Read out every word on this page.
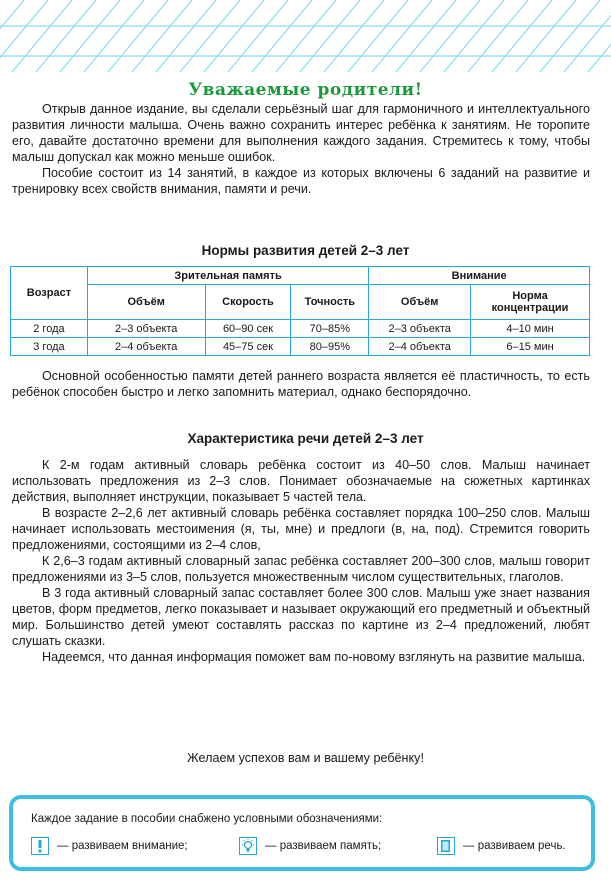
Уважаемые родители!

Открыв данное издание, вы сделали серьёзный шаг для гармоничного и интеллектуального развития личности малыша. Очень важно сохранить интерес ребёнка к занятиям. Не торопите его, давайте достаточно времени для выполнения каждого задания. Стремитесь к тому, чтобы малыш допускал как можно меньше ошибок.

Пособие состоит из 14 занятий, в каждое из которых включены 6 заданий на развитие и тренировку всех свойств внимания, памяти и речи.

Нормы развития детей 2–3 лет
Возраст	Зрительная память			Внимание	
	Объём	Скорость	Точность	Объём	Норма концентрации
2 года	2–3 объекта	60–90 сек	70–85%	2–3 объекта	4–10 мин
3 года	2–4 объекта	45–75 сек	80–95%	2–4 объекта	6–15 мин

Основной особенностью памяти детей раннего возраста является её пластичность, то есть ребёнок способен быстро и легко запомнить материал, однако беспорядочно.

Характеристика речи детей 2–3 лет

К 2-м годам активный словарь ребёнка состоит из 40–50 слов. Малыш начинает использовать предложения из 2–3 слов. Понимает обозначаемые на сюжетных картинках действия, выполняет инструкции, показывает 5 частей тела.

В возрасте 2–2,6 лет активный словарь ребёнка составляет порядка 100–250 слов. Малыш начинает использовать местоимения (я, ты, мне) и предлоги (в, на, под). Стремится говорить предложениями, состоящими из 2–4 слов,

К 2,6–3 годам активный словарный запас ребёнка составляет 200–300 слов, малыш говорит предложениями из 3–5 слов, пользуется множественным числом существительных, глаголов.

В 3 года активный словарный запас составляет более 300 слов. Малыш уже знает названия цветов, форм предметов, легко показывает и называет окружающий его предметный и объектный мир. Большинство детей умеют составлять рассказ по картине из 2–4 предложений, любят слушать сказки.

Надеемся, что данная информация поможет вам по-новому взглянуть на развитие малыша.

Желаем успехов вам и вашему ребёнку!
Каждое задание в пособии снабжено условными обозначениями:
— развиваем внимание;	— развиваем память;	— развиваем речь.
